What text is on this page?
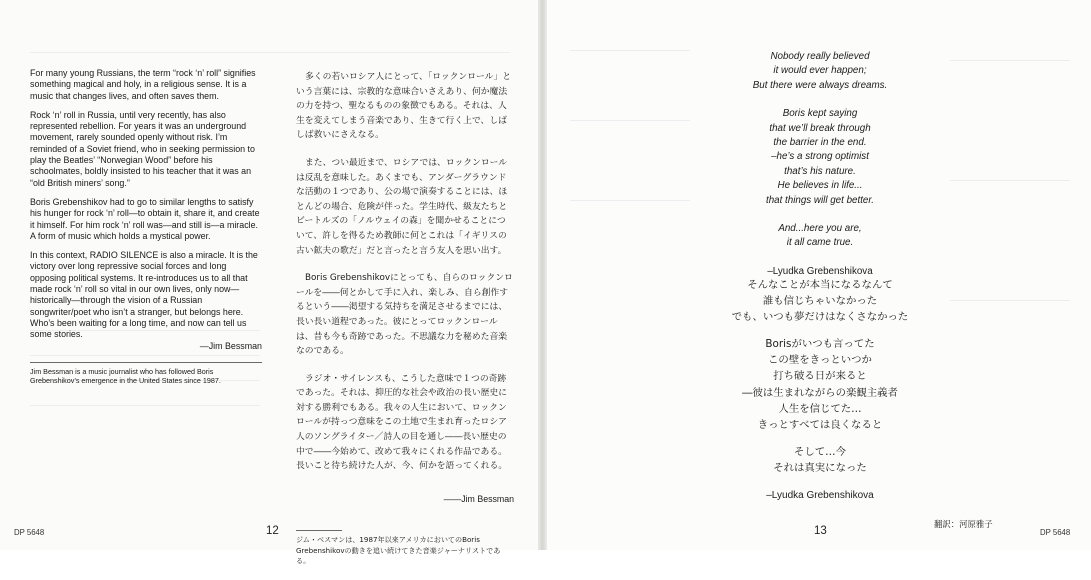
For many young Russians, the term “rock ‘n’ roll” signifies something magical and holy, in a religious sense. It is a music that changes lives, and often saves them.

Rock ‘n’ roll in Russia, until very recently, has also represented rebellion. For years it was an underground movement, rarely sounded openly without risk. I’m reminded of a Soviet friend, who in seeking permission to play the Beatles’ “Norwegian Wood” before his schoolmates, boldly insisted to his teacher that it was an “old British miners’ song.”

Boris Grebenshikov had to go to similar lengths to satisfy his hunger for rock ‘n’ roll—to obtain it, share it, and create it himself. For him rock ‘n’ roll was—and still is—a miracle. A form of music which holds a mystical power.

In this context, RADIO SILENCE is also a miracle. It is the victory over long repressive social forces and long opposing political systems. It re-introduces us to all that made rock ‘n’ roll so vital in our own lives, only now—historically—through the vision of a Russian songwriter/poet who isn’t a stranger, but belongs here. Who’s been waiting for a long time, and now can tell us some stories.

—Jim Bessman

Jim Bessman is a music journalist who has followed Boris Grebenshikov’s emergence in the United States since 1987.

多くの若いロシア人にとって、「ロックンロール」という言葉には、宗教的な意味合いさえあり、何か魔法の力を持つ、聖なるものの象徴でもある。それは、人生を変えてしまう音楽であり、生きて行く上で、しばしば救いにさえなる。

また、つい最近まで、ロシアでは、ロックンロールは反乱を意味した。あくまでも、アンダーグラウンドな活動の１つであり、公の場で演奏することには、ほとんどの場合、危険が伴った。学生時代、級友たちとビートルズの「ノルウェイの森」を聞かせることについて、許しを得るため教師に何とこれは「イギリスの古い鉱夫の歌だ」だと言ったと言う友人を思い出す。

Boris Grebenshikovにとっても、自らのロックンロールを――何とかして手に入れ、楽しみ、自ら創作するという――渇望する気持ちを満足させるまでには、長い長い道程であった。彼にとってロックンロールは、昔も今も奇跡であった。不思議な力を秘めた音楽なのである。

ラジオ・サイレンスも、こうした意味で１つの奇跡であった。それは、抑圧的な社会や政治の長い歴史に対する勝利でもある。我々の人生において、ロックンロールが持っつ意味をこの土地で生まれ育ったロシア人のソングライター／詩人の目を通し――長い歴史の中で――今始めて、改めて我々にくれる作品である。長いこと待ち続けた人が、今、何かを語ってくれる。

――Jim Bessman

ジム・ベスマンは、1987年以来アメリカにおいてのBoris Grebenshikovの動きを追い続けてきた音楽ジャーナリストである。

DP 5648	12
Nobody really believed
it would ever happen;
But there were always dreams.
Boris kept saying
that we’ll break through
the barrier in the end.
–he’s a strong optimist
that’s his nature.
He believes in life...
that things will get better.
And...here you are,
it all came true.
–Lyudka Grebenshikova
そんなことが本当になるなんて
誰も信じちゃいなかった
でも、いつも夢だけはなくさなかった
Borisがいつも言ってた
この壁をきっといつか
打ち破る日が来ると
―彼は生まれながらの楽観主義者
人生を信じてた…
きっとすべては良くなると
そして…今
それは真実になった
–Lyudka Grebenshikova
翻訳：河原雅子
13	DP 5648
